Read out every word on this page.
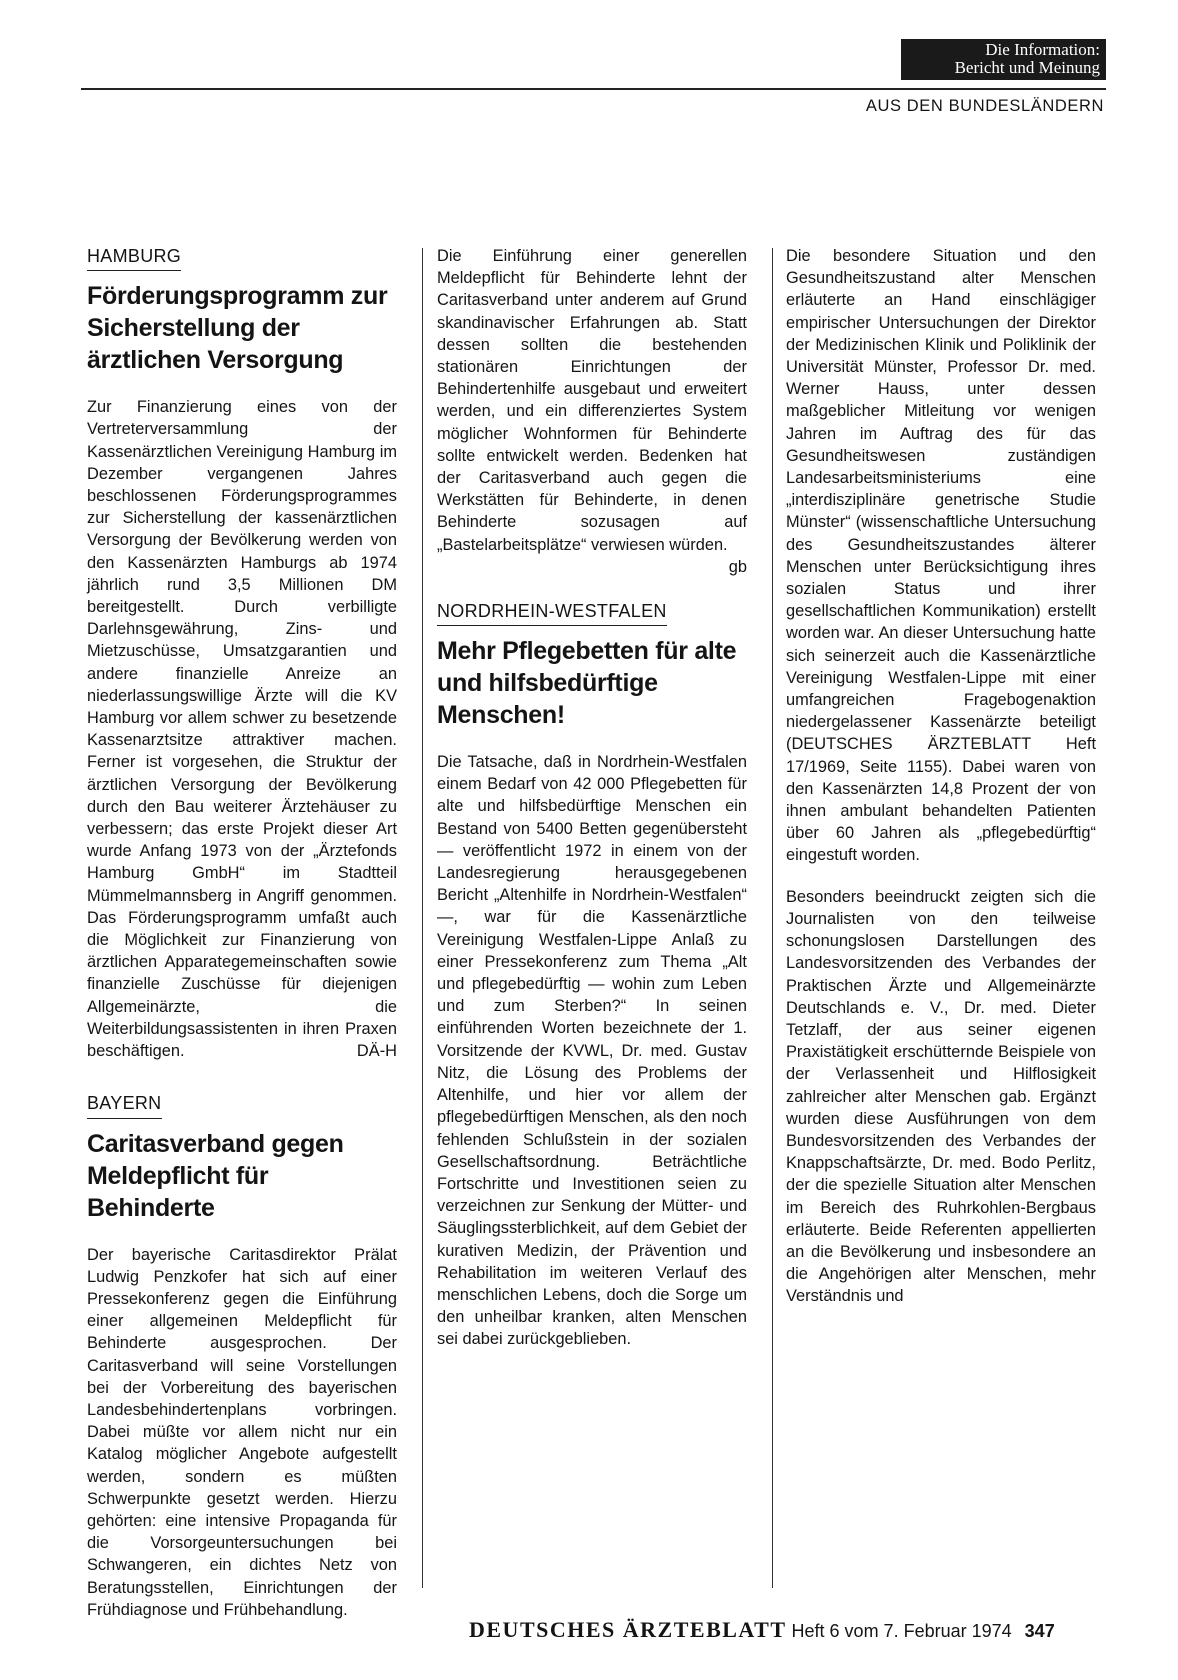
Die Information:
Bericht und Meinung
AUS DEN BUNDESLÄNDERN
HAMBURG
Förderungsprogramm zur Sicherstellung der ärztlichen Versorgung

Zur Finanzierung eines von der Vertreterversammlung der Kassenärztlichen Vereinigung Hamburg im Dezember vergangenen Jahres beschlossenen Förderungsprogrammes zur Sicherstellung der kassenärztlichen Versorgung der Bevölkerung werden von den Kassenärzten Hamburgs ab 1974 jährlich rund 3,5 Millionen DM bereitgestellt. Durch verbilligte Darlehnsgewährung, Zins- und Mietzuschüsse, Umsatzgarantien und andere finanzielle Anreize an niederlassungswillige Ärzte will die KV Hamburg vor allem schwer zu besetzende Kassenarztsitze attraktiver machen. Ferner ist vorgesehen, die Struktur der ärztlichen Versorgung der Bevölkerung durch den Bau weiterer Ärztehäuser zu verbessern; das erste Projekt dieser Art wurde Anfang 1973 von der „Ärztefonds Hamburg GmbH“ im Stadtteil Mümmelmannsberg in Angriff genommen. Das Förderungsprogramm umfaßt auch die Möglichkeit zur Finanzierung von ärztlichen Apparategemeinschaften sowie finanzielle Zuschüsse für diejenigen Allgemeinärzte, die Weiterbildungsassistenten in ihren Praxen beschäftigen.	DÄ-H

BAYERN
Caritasverband gegen Meldepflicht für Behinderte

Der bayerische Caritasdirektor Prälat Ludwig Penzkofer hat sich auf einer Pressekonferenz gegen die Einführung einer allgemeinen Meldepflicht für Behinderte ausgesprochen. Der Caritasverband will seine Vorstellungen bei der Vorbereitung des bayerischen Landesbehindertenplans vorbringen. Dabei müßte vor allem nicht nur ein Katalog möglicher Angebote aufgestellt werden, sondern es müßten Schwerpunkte gesetzt werden. Hierzu gehörten: eine intensive Propaganda für die Vorsorgeuntersuchungen bei Schwangeren, ein dichtes Netz von Beratungsstellen, Einrichtungen der Frühdiagnose und Frühbehandlung.

Die Einführung einer generellen Meldepflicht für Behinderte lehnt der Caritasverband unter anderem auf Grund skandinavischer Erfahrungen ab. Statt dessen sollten die bestehenden stationären Einrichtungen der Behindertenhilfe ausgebaut und erweitert werden, und ein differenziertes System möglicher Wohnformen für Behinderte sollte entwickelt werden. Bedenken hat der Caritasverband auch gegen die Werkstätten für Behinderte, in denen Behinderte sozusagen auf „Bastelarbeitsplätze“ verwiesen würden.

gb

NORDRHEIN-WESTFALEN
Mehr Pflegebetten für alte und hilfsbedürftige Menschen!

Die Tatsache, daß in Nordrhein-Westfalen einem Bedarf von 42 000 Pflegebetten für alte und hilfsbedürftige Menschen ein Bestand von 5400 Betten gegenübersteht — veröffentlicht 1972 in einem von der Landesregierung herausgegebenen Bericht „Altenhilfe in Nordrhein-Westfalen“ —, war für die Kassenärztliche Vereinigung Westfalen-Lippe Anlaß zu einer Pressekonferenz zum Thema „Alt und pflegebedürftig — wohin zum Leben und zum Sterben?“ In seinen einführenden Worten bezeichnete der 1. Vorsitzende der KVWL, Dr. med. Gustav Nitz, die Lösung des Problems der Altenhilfe, und hier vor allem der pflegebedürftigen Menschen, als den noch fehlenden Schlußstein in der sozialen Gesellschaftsordnung. Beträchtliche Fortschritte und Investitionen seien zu verzeichnen zur Senkung der Mütter- und Säuglingssterblichkeit, auf dem Gebiet der kurativen Medizin, der Prävention und Rehabilitation im weiteren Verlauf des menschlichen Lebens, doch die Sorge um den unheilbar kranken, alten Menschen sei dabei zurückgeblieben.

Die besondere Situation und den Gesundheitszustand alter Menschen erläuterte an Hand einschlägiger empirischer Untersuchungen der Direktor der Medizinischen Klinik und Poliklinik der Universität Münster, Professor Dr. med. Werner Hauss, unter dessen maßgeblicher Mitleitung vor wenigen Jahren im Auftrag des für das Gesundheitswesen zuständigen Landesarbeitsministeriums eine „interdisziplinäre genetrische Studie Münster“ (wissenschaftliche Untersuchung des Gesundheitszustandes älterer Menschen unter Berücksichtigung ihres sozialen Status und ihrer gesellschaftlichen Kommunikation) erstellt worden war. An dieser Untersuchung hatte sich seinerzeit auch die Kassenärztliche Vereinigung Westfalen-Lippe mit einer umfangreichen Fragebogenaktion niedergelassener Kassenärzte beteiligt (DEUTSCHES ÄRZTEBLATT Heft 17/1969, Seite 1155). Dabei waren von den Kassenärzten 14,8 Prozent der von ihnen ambulant behandelten Patienten über 60 Jahren als „pflegebedürftig“ eingestuft worden.

Besonders beeindruckt zeigten sich die Journalisten von den teilweise schonungslosen Darstellungen des Landesvorsitzenden des Verbandes der Praktischen Ärzte und Allgemeinärzte Deutschlands e. V., Dr. med. Dieter Tetzlaff, der aus seiner eigenen Praxistätigkeit erschütternde Beispiele von der Verlassenheit und Hilflosigkeit zahlreicher alter Menschen gab. Ergänzt wurden diese Ausführungen von dem Bundesvorsitzenden des Verbandes der Knappschaftsärzte, Dr. med. Bodo Perlitz, der die spezielle Situation alter Menschen im Bereich des Ruhrkohlen-Bergbaus erläuterte. Beide Referenten appellierten an die Bevölkerung und insbesondere an die Angehörigen alter Menschen, mehr Verständnis und

DEUTSCHES ÄRZTEBLATT Heft 6 vom 7. Februar 1974 347
